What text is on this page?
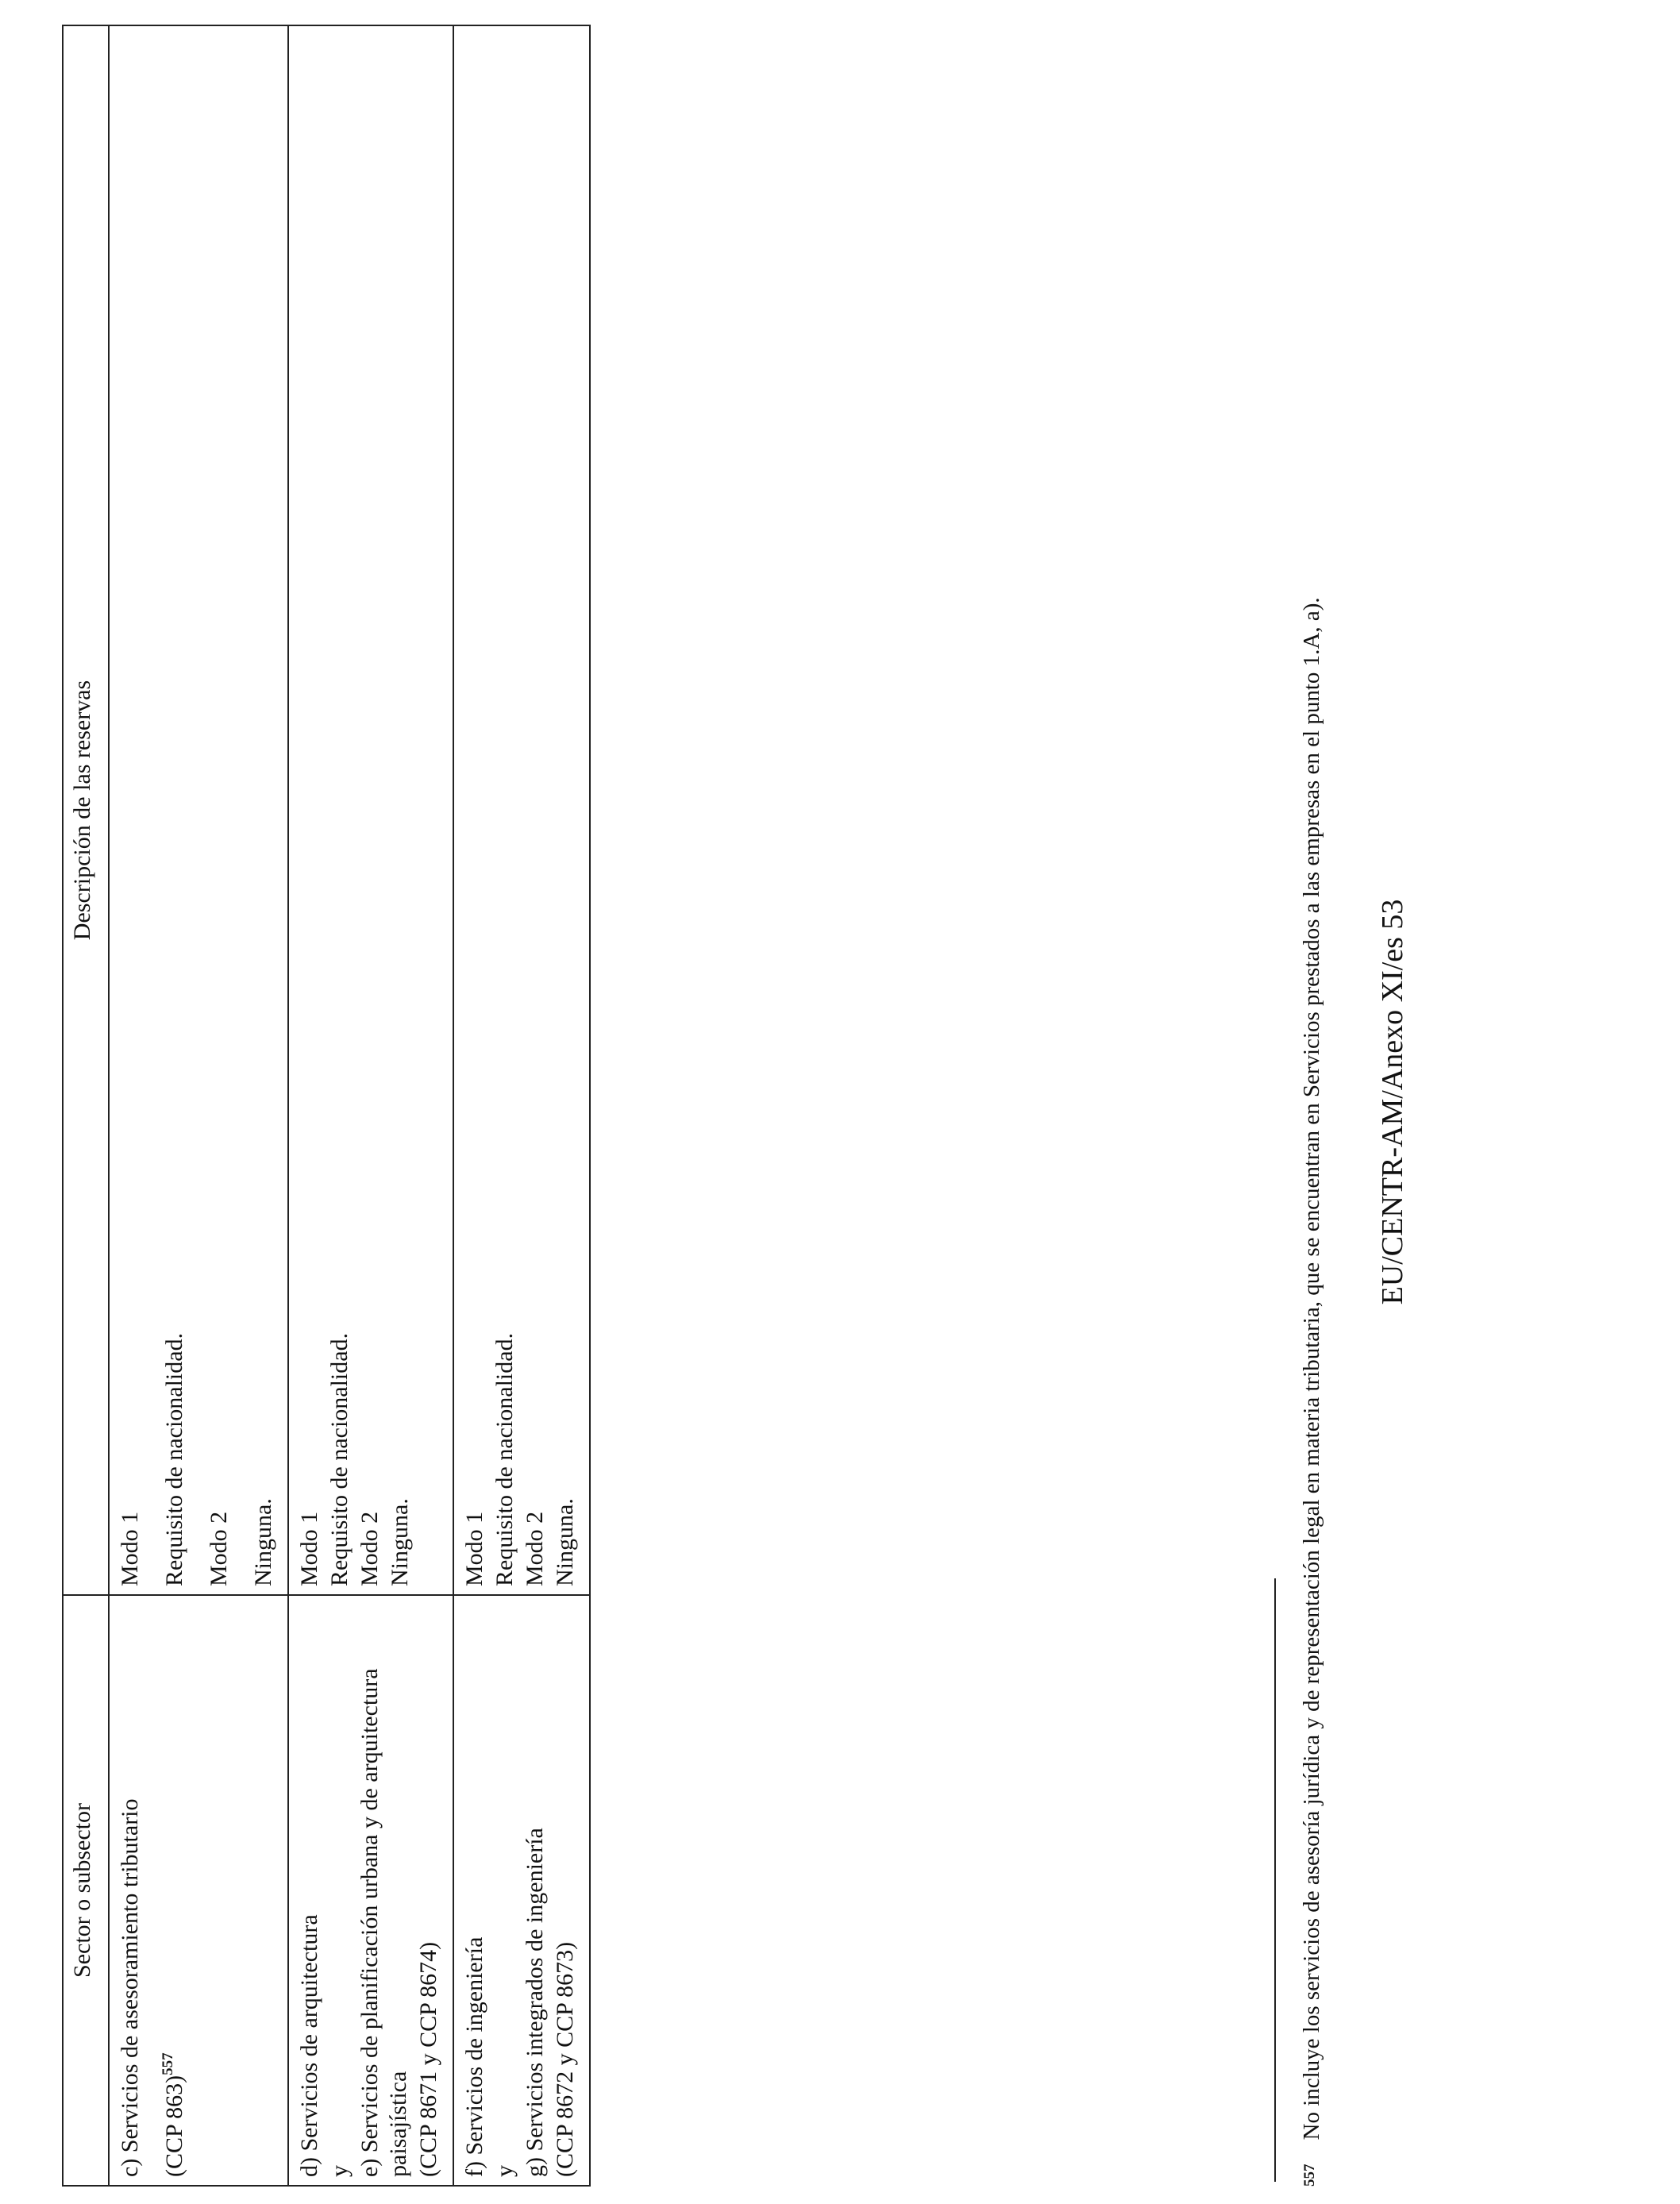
Sector o subsector	Descripción de las reservas

c) Servicios de asesoramiento tributario (CCP 863)$^{557}$	Modo 1 Requisito de nacionalidad. Modo 2 Ninguna.

d) Servicios de arquitectura y e) Servicios de planificación urbana y de arquitectura paisajística (CCP 8671 y CCP 8674)	Modo 1 Requisito de nacionalidad. Modo 2 Ninguna.

f) Servicios de ingeniería y g) Servicios integrados de ingeniería (CCP 8672 y CCP 8673)	Modo 1 Requisito de nacionalidad. Modo 2 Ninguna.
$^{557}$No incluye los servicios de asesoría jurídica y de representación legal en materia tributaria, que se encuentran en Servicios prestados a las empresas en el punto 1.A, a). EU/CENTR-AM/Anexo XI/es 53
